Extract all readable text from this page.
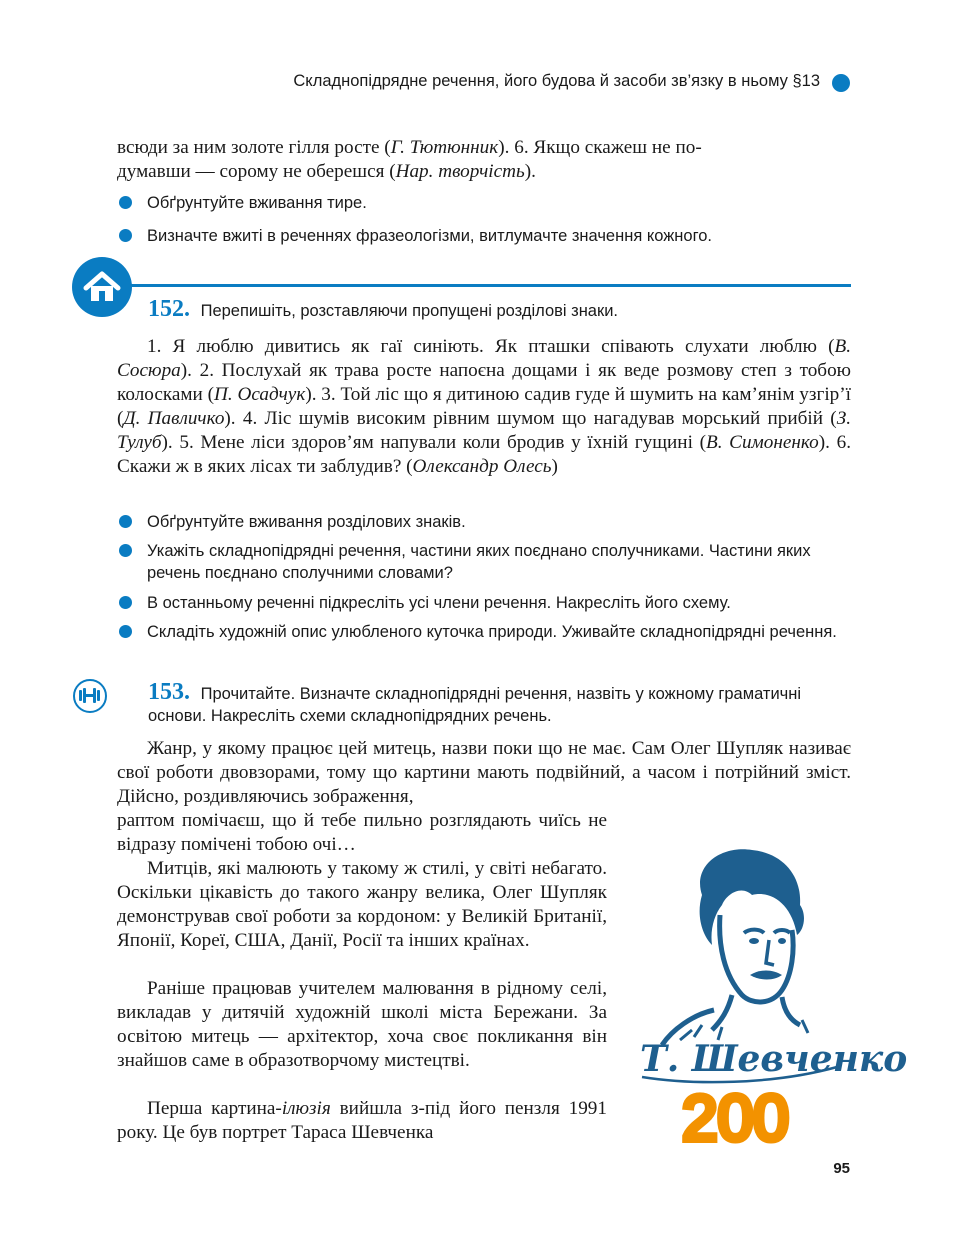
Складнопідрядне речення, його будова й засоби зв’язку в ньому §13
всюди за ним золоте гілля росте (Г. Тютюнник). 6. Якщо скажеш не по-
думавши — сорому не оберешся (Нар. творчість).
Обґрунтуйте вживання тире.
Визначте вжиті в реченнях фразеологізми, витлумачте значення кожного.
152. Перепишіть, розставляючи пропущені розділові знаки.
1. Я люблю дивитись як гаї синіють. Як пташки співають слухати люблю (В. Сосюра). 2. Послухай як трава росте напоєна дощами і як веде розмову степ з тобою колосками (П. Осадчук). 3. Той ліс що я дитиною садив гуде й шумить на кам’янім узгір’ї (Д. Павличко). 4. Ліс шумів високим рівним шумом що нагадував морський прибій (З. Тулуб). 5. Мене ліси здоров’ям напували коли бродив у їхній гущині (В. Симоненко). 6. Скажи ж в яких лісах ти заблудив? (Олександр Олесь)
Обґрунтуйте вживання розділових знаків.
Укажіть складнопідрядні речення, частини яких поєднано сполучниками. Частини яких речень поєднано сполучними словами?
В останньому реченні підкресліть усі члени речення. Накресліть його схему.
Складіть художній опис улюбленого куточка природи. Уживайте складнопідрядні речення.
153. Прочитайте. Визначте складнопідрядні речення, назвіть у кожному граматичні основи. Накресліть схеми складнопідрядних речень.
Жанр, у якому працює цей митець, назви поки що не має. Сам Олег Шупляк називає свої роботи двовзорами, тому що картини мають подвійний, а часом і потрійний зміст. Дійсно, роздивляючись зображення,
раптом помічаєш, що й тебе пильно розглядають чиїсь не відразу помічені тобою очі…
Митців, які малюють у такому ж стилі, у світі небагато. Оскільки цікавість до такого жанру велика, Олег Шупляк демонстрував свої роботи за кордоном: у Великій Британії, Японії, Кореї, США, Данії, Росії та інших країнах.
Раніше працював учителем малювання в рідному селі, викладав у дитячій художній школі міста Бережани. За освітою митець — архітектор, хоча своє покликання він знайшов саме в образотворчому мистецтві.
Перша картина-ілюзія вийшла з-під його пензля 1991 року. Це був портрет Тараса Шевченка
Т. Шевченко
200
95
